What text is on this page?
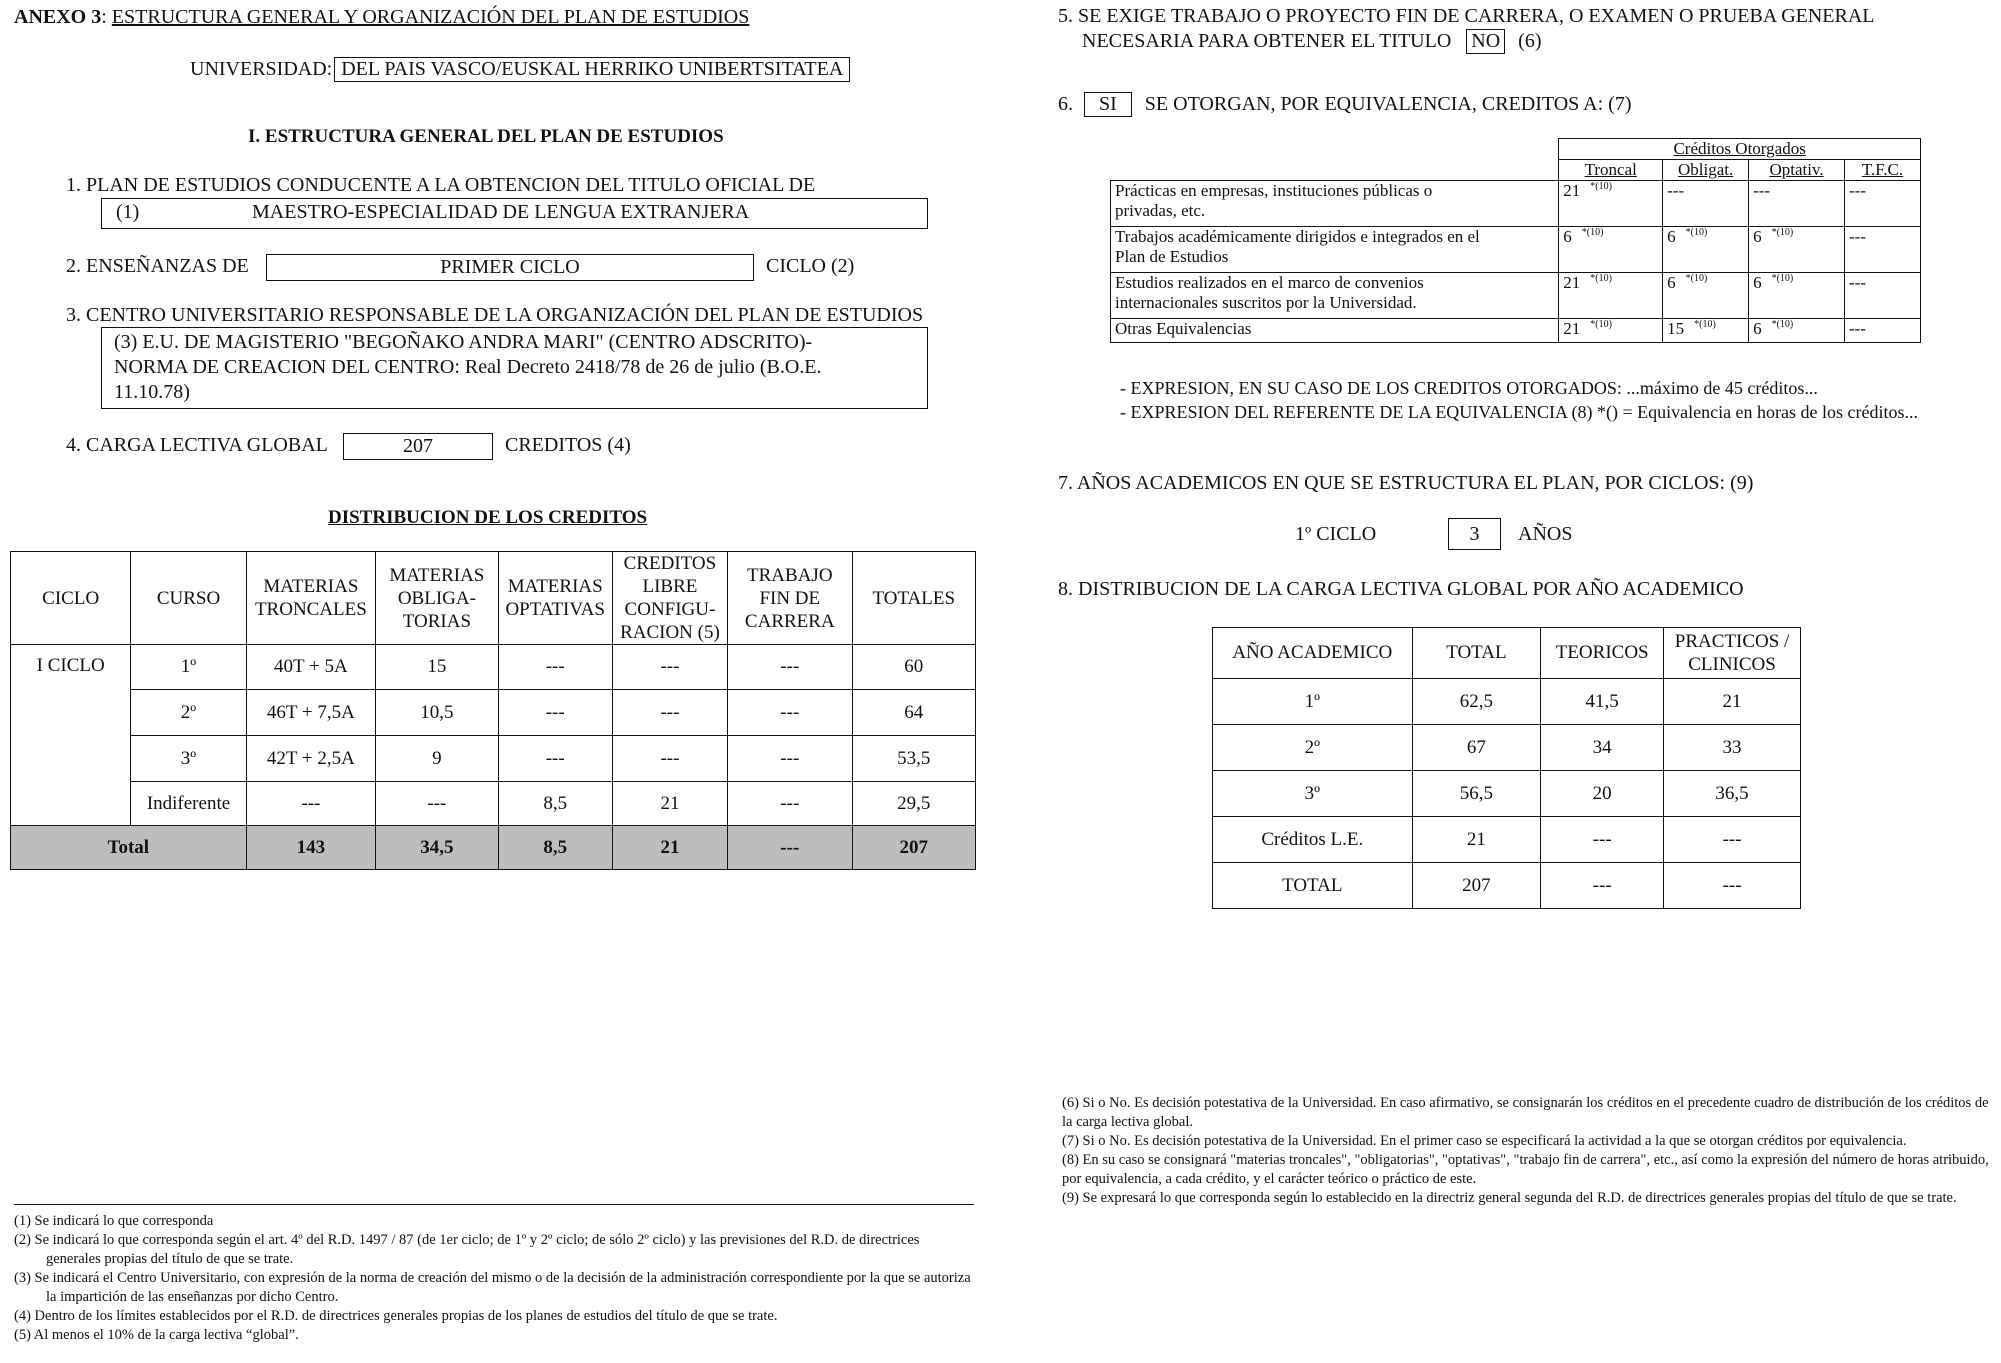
ANEXO 3: ESTRUCTURA GENERAL Y ORGANIZACIÓN DEL PLAN DE ESTUDIOS
UNIVERSIDAD: DEL PAIS VASCO/EUSKAL HERRIKO UNIBERTSITATEA
I. ESTRUCTURA GENERAL DEL PLAN DE ESTUDIOS
1. PLAN DE ESTUDIOS CONDUCENTE A LA OBTENCION DEL TITULO OFICIAL DE
(1)	MAESTRO-ESPECIALIDAD DE LENGUA EXTRANJERA
2. ENSEÑANZAS DE	PRIMER CICLO	CICLO (2)
3. CENTRO UNIVERSITARIO RESPONSABLE DE LA ORGANIZACIÓN DEL PLAN DE ESTUDIOS
(3) E.U. DE MAGISTERIO "BEGOÑAKO ANDRA MARI" (CENTRO ADSCRITO)-
NORMA DE CREACION DEL CENTRO: Real Decreto 2418/78 de 26 de julio (B.O.E.
11.10.78)
4. CARGA LECTIVA GLOBAL	207	CREDITOS (4)
DISTRIBUCION DE LOS CREDITOS
CICLO	CURSO	MATERIAS TRONCALES	MATERIAS OBLIGA- TORIAS	MATERIAS OPTATIVAS	CREDITOS LIBRE CONFIGU- RACION (5)	TRABAJO FIN DE CARRERA	TOTALES
I CICLO	1º	40T + 5A	15	---	---	---	60
	2º	46T + 7,5A	10,5	---	---	---	64
	3º	42T + 2,5A	9	---	---	---	53,5
	Indiferente	---	---	8,5	21	---	29,5
Total		143	34,5	8,5	21	---	207

(1) Se indicará lo que corresponda

(2) Se indicará lo que corresponda según el art. 4º del R.D. 1497 / 87 (de 1er ciclo; de 1º y 2º ciclo; de sólo 2º ciclo) y las previsiones del R.D. de directrices generales propias del título de que se trate.

(3) Se indicará el Centro Universitario, con expresión de la norma de creación del mismo o de la decisión de la administración correspondiente por la que se autoriza la impartición de las enseñanzas por dicho Centro.

(4) Dentro de los límites establecidos por el R.D. de directrices generales propias de los planes de estudios del título de que se trate.

(5) Al menos el 10% de la carga lectiva “global”.

5. SE EXIGE TRABAJO O PROYECTO FIN DE CARRERA, O EXAMEN O PRUEBA GENERAL
NECESARIA PARA OBTENER EL TITULO NO (6)
6. SI SE OTORGAN, POR EQUIVALENCIA, CREDITOS A: (7)
	Créditos Otorgados			
	Troncal	Obligat.	Optativ.	T.F.C.
Prácticas en empresas, instituciones públicas o
privadas, etc.	21 $^{*(10)}$	---	---	---
Trabajos académicamente dirigidos e integrados en el
Plan de Estudios	6 $^{*(10)}$	6 $^{*(10)}$	6 $^{*(10)}$	---
Estudios realizados en el marco de convenios
internacionales suscritos por la Universidad.	21 $^{*(10)}$	6 $^{*(10)}$	6 $^{*(10)}$	---
Otras Equivalencias	21 $^{*(10)}$	15 $^{*(10)}$	6 $^{*(10)}$	---
- EXPRESION, EN SU CASO DE LOS CREDITOS OTORGADOS: ...máximo de 45 créditos...
- EXPRESION DEL REFERENTE DE LA EQUIVALENCIA (8) *() = Equivalencia en horas de los créditos...
7. AÑOS ACADEMICOS EN QUE SE ESTRUCTURA EL PLAN, POR CICLOS: (9)
1º CICLO	3	AÑOS
8. DISTRIBUCION DE LA CARGA LECTIVA GLOBAL POR AÑO ACADEMICO
AÑO ACADEMICO	TOTAL	TEORICOS	PRACTICOS / CLINICOS
1º	62,5	41,5	21
2º	67	34	33
3º	56,5	20	36,5
Créditos L.E.	21	---	---
TOTAL	207	---	---

(6) Si o No. Es decisión potestativa de la Universidad. En caso afirmativo, se consignarán los créditos en el precedente cuadro de distribución de los créditos de la carga lectiva global.

(7) Si o No. Es decisión potestativa de la Universidad. En el primer caso se especificará la actividad a la que se otorgan créditos por equivalencia.

(8) En su caso se consignará "materias troncales", "obligatorias", "optativas", "trabajo fin de carrera", etc., así como la expresión del número de horas atribuido, por equivalencia, a cada crédito, y el carácter teórico o práctico de este.

(9) Se expresará lo que corresponda según lo establecido en la directriz general segunda del R.D. de directrices generales propias del título de que se trate.
